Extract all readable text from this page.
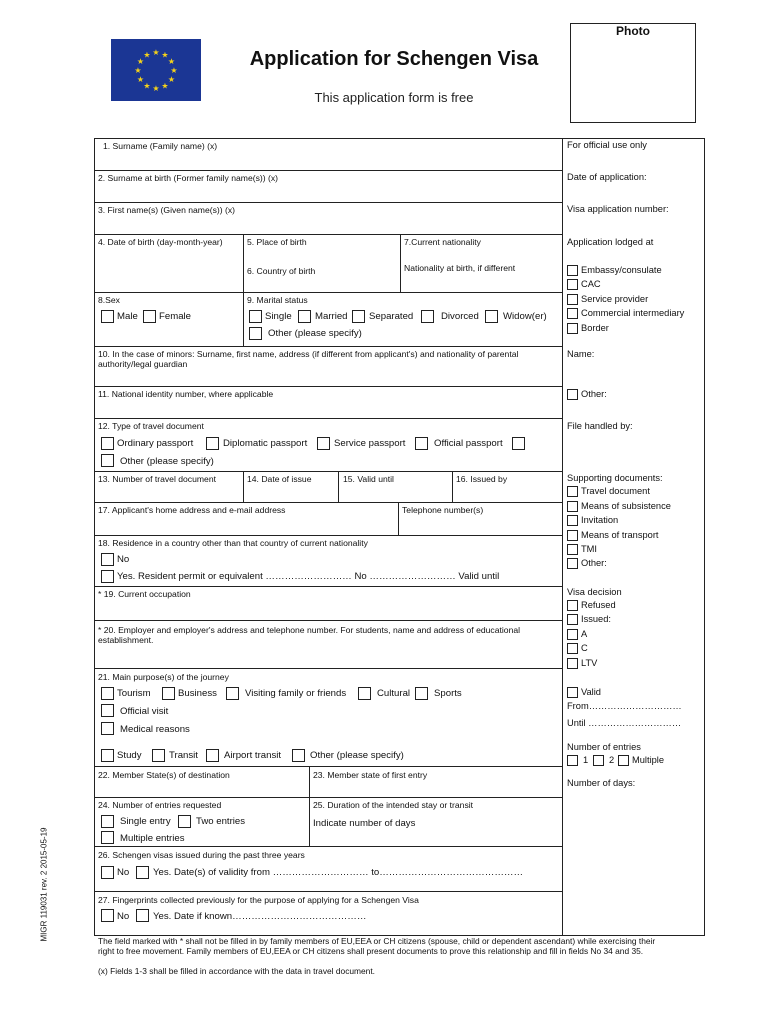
★ ★
★
★
★
★
★
★
★
★
★
★	Application for Schengen Visa
This application form is free
Photo
1. Surname (Family name) (x)
2. Surname at birth (Former family name(s)) (x)
3. First name(s) (Given name(s)) (x)
4. Date of birth (day-month-year)	5. Place of birth
6. Country of birth
7.Current nationality
Nationality at birth, if different
8.Sex
Male Female
9. Marital status
Single Married Separated	Divorced	Widow(er)
Other (please specify)
10. In the case of minors: Surname, first name, address (if different from applicant's) and nationality of parental
authority/legal guardian
11. National identity number, where applicable
12. Type of travel document
Ordinary passport	Diplomatic passport	Service passport	Official passport
Other (please specify)
13. Number of travel document	14. Date of issue	15. Valid until	16. Issued by
17. Applicant's home address and e-mail address	Telephone number(s)
18. Residence in a country other than that country of current nationality
No
Yes. Resident permit or equivalent ……………………… No ……………………… Valid until
* 19. Current occupation
* 20. Employer and employer's address and telephone number. For students, name and address of educational
establishment.
21. Main purpose(s) of the journey
Tourism	Business	Visiting family or friends	Cultural Sports
Official visit
Medical reasons
Study	Transit	Airport transit	Other (please specify)
22. Member State(s) of destination	23. Member state of first entry
24. Number of entries requested
Single entry	Two entries
Multiple entries
25. Duration of the intended stay or transit
Indicate number of days
26. Schengen visas issued during the past three years
No Yes. Date(s) of validity from ………………………… to………………………………………
27. Fingerprints collected previously for the purpose of applying for a Schengen Visa
No Yes. Date if known……………………………………
For official use only
Date of application:
Visa application number:
Application lodged at
Embassy/consulate
CAC
Service provider
Commercial intermediary
Border
Name:
Other:
File handled by:
Supporting documents:
Travel document
Means of subsistence
Invitation
Means of transport
TMI
Other:
Visa decision
Refused
Issued:
A
C
LTV
Valid
From…………………………
Until …………………………
Number of entries
1 2 Multiple
Number of days:
The field marked with * shall not be filled in by family members of EU,EEA or CH citizens (spouse, child or dependent ascendant) while exercising their
right to free movement. Family members of EU,EEA or CH citizens shall present documents to prove this relationship and fill in fields No 34 and 35.
(x) Fields 1-3 shall be filled in accordance with the data in travel document.
MIGR 119031 rev. 2 2015-05-19
